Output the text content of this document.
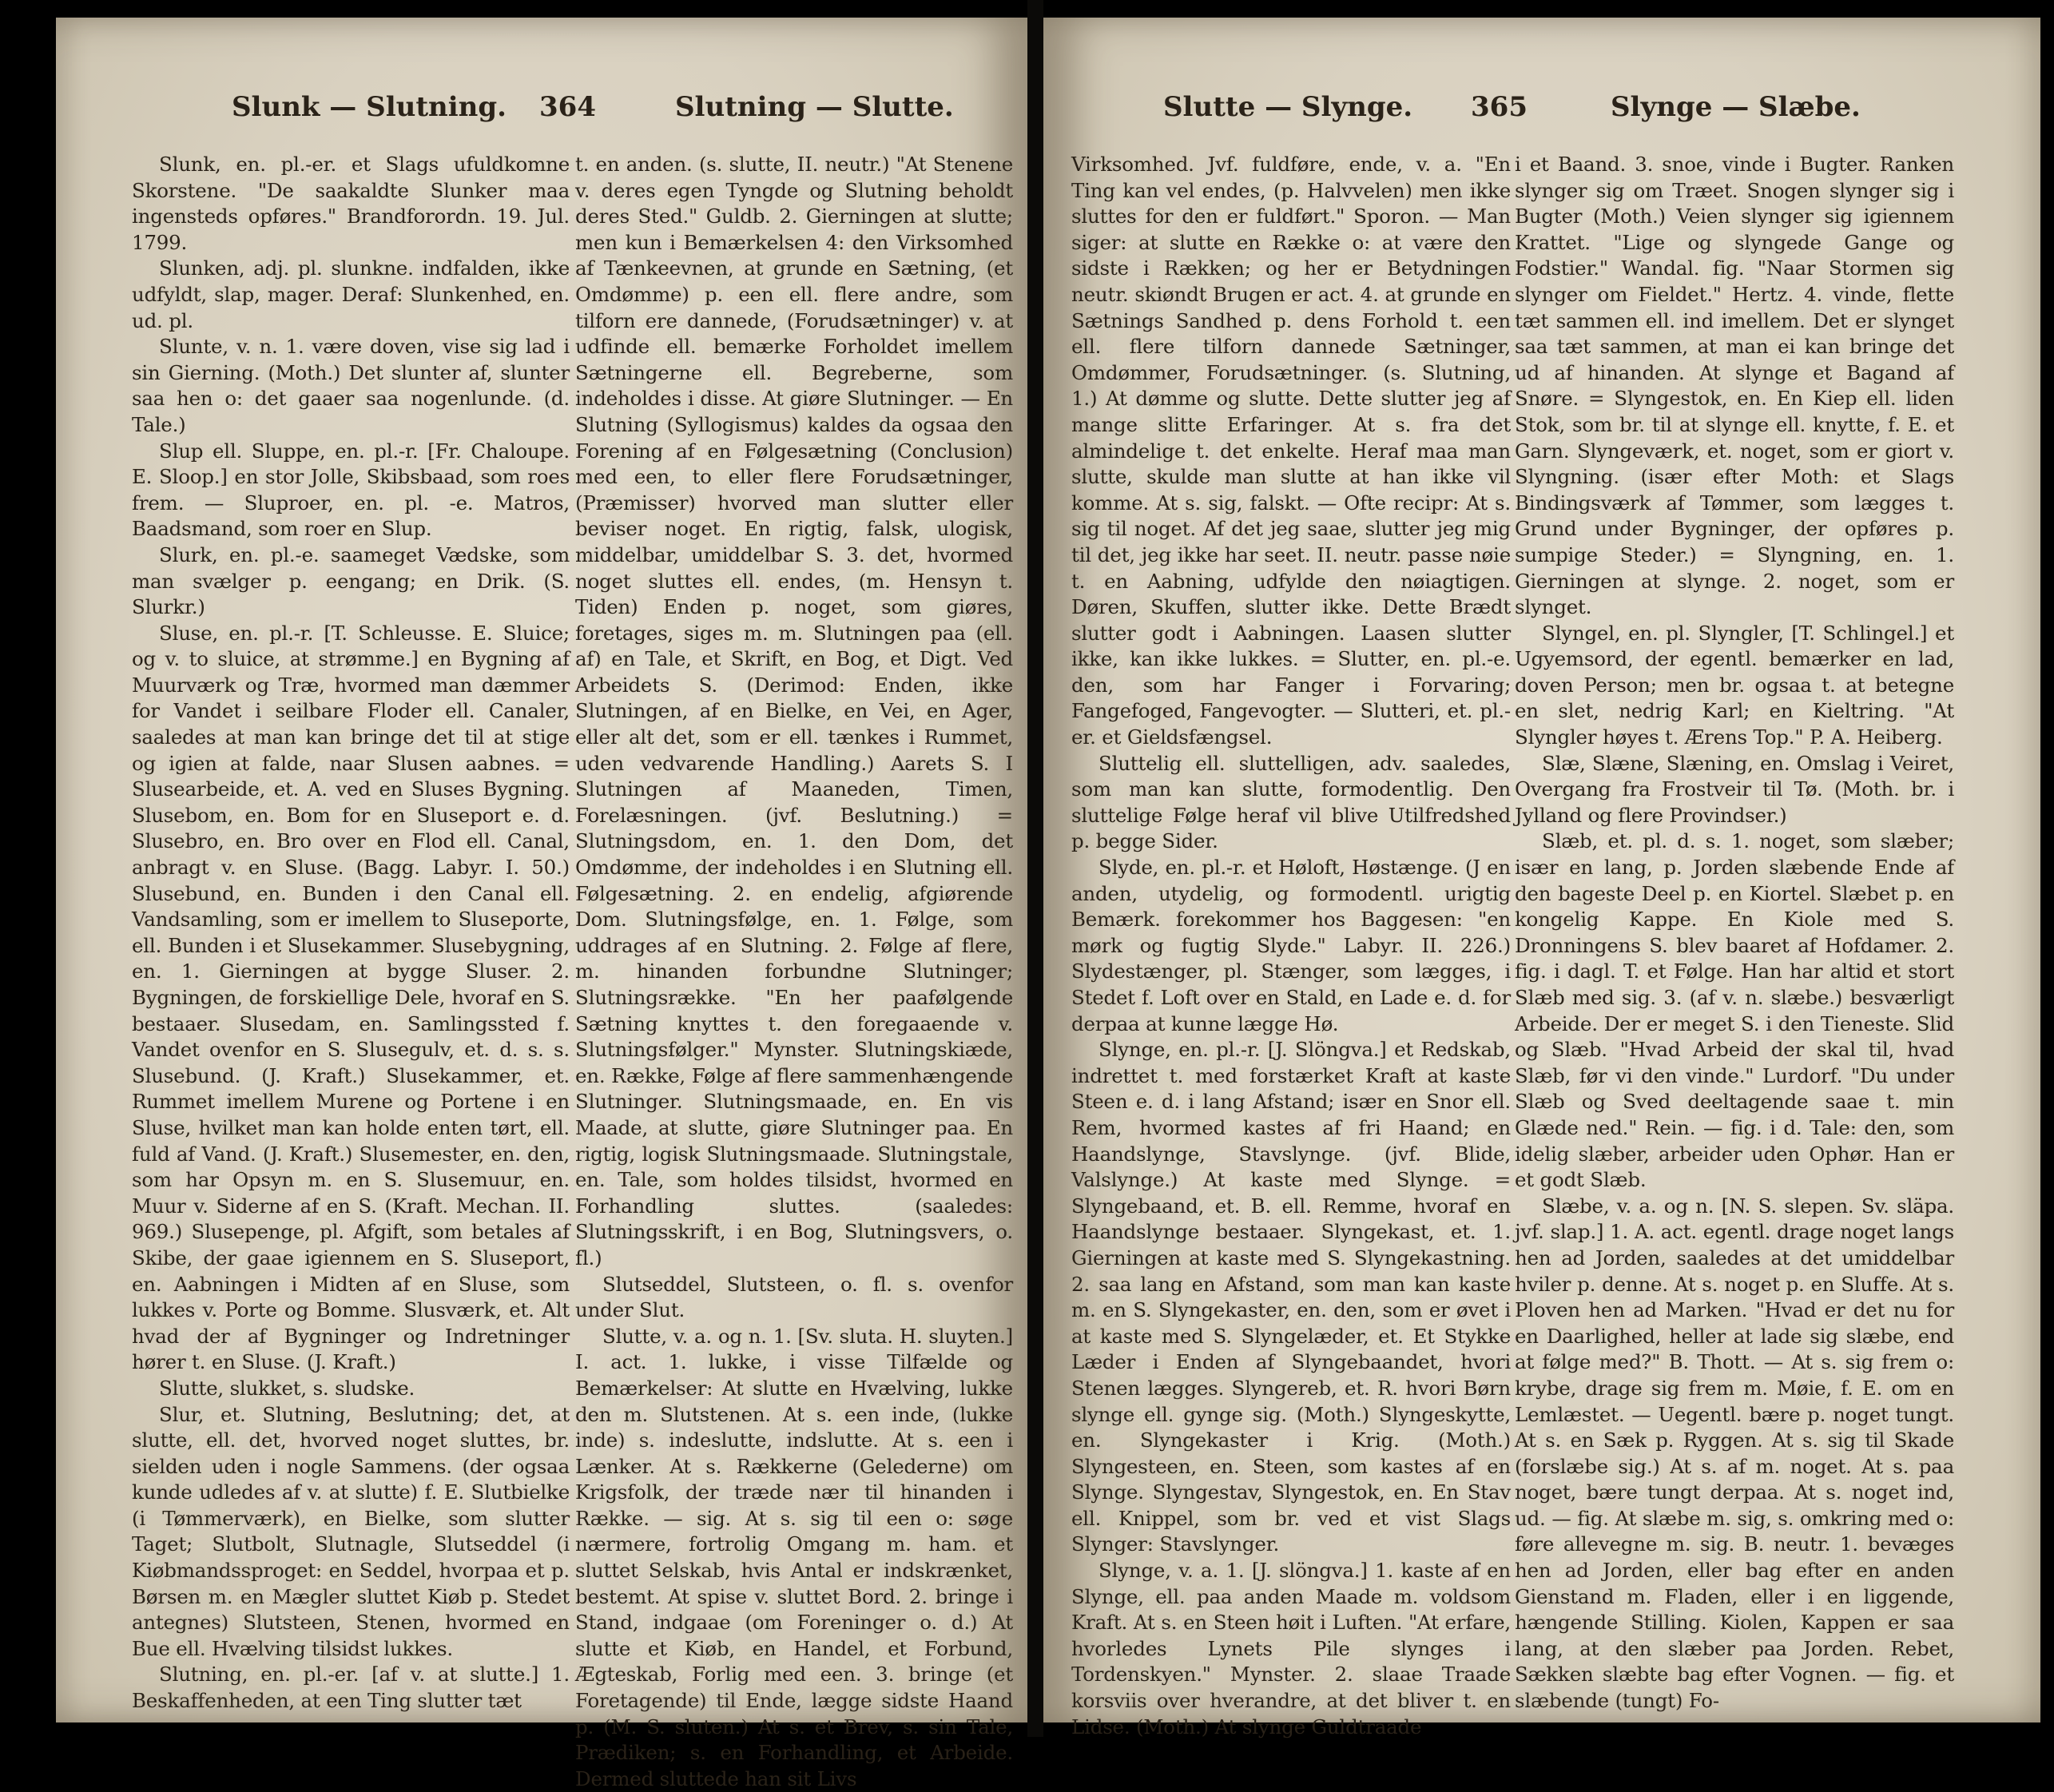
Slunk — Slutning. 364	Slutning — Slutte.

Slunk, en. pl.-er. et Slags ufuldkomne Skorstene. "De saakaldte Slunker maa ingensteds opføres." Brandforordn. 19. Jul. 1799.

Slunken, adj. pl. slunkne. indfalden, ikke udfyldt, slap, mager. Deraf: Slunkenhed, en. ud. pl.

Slunte, v. n. 1. være doven, vise sig lad i sin Gierning. (Moth.) Det slunter af, slunter saa hen o: det gaaer saa nogenlunde. (d. Tale.)

Slup ell. Sluppe, en. pl.-r. [Fr. Chaloupe. E. Sloop.] en stor Jolle, Skibsbaad, som roes frem. — Sluproer, en. pl. -e. Matros, Baadsmand, som roer en Slup.

Slurk, en. pl.-e. saameget Vædske, som man svælger p. eengang; en Drik. (S. Slurkr.)

Sluse, en. pl.-r. [T. Schleusse. E. Sluice; og v. to sluice, at strømme.] en Bygning af Muurværk og Træ, hvormed man dæmmer for Vandet i seilbare Floder ell. Canaler, saaledes at man kan bringe det til at stige og igien at falde, naar Slusen aabnes. = Slusearbeide, et. A. ved en Sluses Bygning. Slusebom, en. Bom for en Sluseport e. d. Slusebro, en. Bro over en Flod ell. Canal, anbragt v. en Sluse. (Bagg. Labyr. I. 50.) Slusebund, en. Bunden i den Canal ell. Vandsamling, som er imellem to Sluseporte, ell. Bunden i et Slusekammer. Slusebygning, en. 1. Gierningen at bygge Sluser. 2. Bygningen, de forskiellige Dele, hvoraf en S. bestaaer. Slusedam, en. Samlingssted f. Vandet ovenfor en S. Slusegulv, et. d. s. s. Slusebund. (J. Kraft.) Slusekammer, et. Rummet imellem Murene og Portene i en Sluse, hvilket man kan holde enten tørt, ell. fuld af Vand. (J. Kraft.) Slusemester, en. den, som har Opsyn m. en S. Slusemuur, en. Muur v. Siderne af en S. (Kraft. Mechan. II. 969.) Slusepenge, pl. Afgift, som betales af Skibe, der gaae igiennem en S. Sluseport, en. Aabningen i Midten af en Sluse, som lukkes v. Porte og Bomme. Slusværk, et. Alt hvad der af Bygninger og Indretninger hører t. en Sluse. (J. Kraft.)

Slutte, slukket, s. sludske.

Slur, et. Slutning, Beslutning; det, at slutte, ell. det, hvorved noget sluttes, br. sielden uden i nogle Sammens. (der ogsaa kunde udledes af v. at slutte) f. E. Slutbielke (i Tømmerværk), en Bielke, som slutter Taget; Slutbolt, Slutnagle, Slutseddel (i Kiøbmandssproget: en Seddel, hvorpaa et p. Børsen m. en Mægler sluttet Kiøb p. Stedet antegnes) Slutsteen, Stenen, hvormed en Bue ell. Hvælving tilsidst lukkes.

Slutning, en. pl.-er. [af v. at slutte.] 1. Beskaffenheden, at een Ting slutter tæt

t. en anden. (s. slutte, II. neutr.) "At Stenene v. deres egen Tyngde og Slutning beholdt deres Sted." Guldb. 2. Gierningen at slutte; men kun i Bemærkelsen 4: den Virksomhed af Tænkeevnen, at grunde en Sætning, (et Omdømme) p. een ell. flere andre, som tilforn ere dannede, (Forudsætninger) v. at udfinde ell. bemærke Forholdet imellem Sætningerne ell. Begreberne, som indeholdes i disse. At giøre Slutninger. — En Slutning (Syllogismus) kaldes da ogsaa den Forening af en Følgesætning (Conclusion) med een, to eller flere Forudsætninger, (Præmisser) hvorved man slutter eller beviser noget. En rigtig, falsk, ulogisk, middelbar, umiddelbar S. 3. det, hvormed noget sluttes ell. endes, (m. Hensyn t. Tiden) Enden p. noget, som giøres, foretages, siges m. m. Slutningen paa (ell. af) en Tale, et Skrift, en Bog, et Digt. Ved Arbeidets S. (Derimod: Enden, ikke Slutningen, af en Bielke, en Vei, en Ager, eller alt det, som er ell. tænkes i Rummet, uden vedvarende Handling.) Aarets S. I Slutningen af Maaneden, Timen, Forelæsningen. (jvf. Beslutning.) = Slutningsdom, en. 1. den Dom, det Omdømme, der indeholdes i en Slutning ell. Følgesætning. 2. en endelig, afgiørende Dom. Slutningsfølge, en. 1. Følge, som uddrages af en Slutning. 2. Følge af flere, m. hinanden forbundne Slutninger; Slutningsrække. "En her paafølgende Sætning knyttes t. den foregaaende v. Slutningsfølger." Mynster. Slutningskiæde, en. Række, Følge af flere sammenhængende Slutninger. Slutningsmaade, en. En vis Maade, at slutte, giøre Slutninger paa. En rigtig, logisk Slutningsmaade. Slutningstale, en. Tale, som holdes tilsidst, hvormed en Forhandling sluttes. (saaledes: Slutningsskrift, i en Bog, Slutningsvers, o. fl.)

Slutseddel, Slutsteen, o. fl. s. ovenfor under Slut.

Slutte, v. a. og n. 1. [Sv. sluta. H. sluyten.] I. act. 1. lukke, i visse Tilfælde og Bemærkelser: At slutte en Hvælving, lukke den m. Slutstenen. At s. een inde, (lukke inde) s. indeslutte, indslutte. At s. een i Lænker. At s. Rækkerne (Gelederne) om Krigsfolk, der træde nær til hinanden i Række. — sig. At s. sig til een o: søge nærmere, fortrolig Omgang m. ham. et sluttet Selskab, hvis Antal er indskrænket, bestemt. At spise v. sluttet Bord. 2. bringe i Stand, indgaae (om Foreninger o. d.) At slutte et Kiøb, en Handel, et Forbund, Ægteskab, Forlig med een. 3. bringe (et Foretagende) til Ende, lægge sidste Haand p. (M. S. sluten.) At s. et Brev, s. sin Tale, Prædiken; s. en Forhandling, et Arbeide. Dermed sluttede han sit Livs

Slutte — Slynge. 365	Slynge — Slæbe.

Virksomhed. Jvf. fuldføre, ende, v. a. "En Ting kan vel endes, (p. Halvvelen) men ikke sluttes for den er fuldført." Sporon. — Man siger: at slutte en Række o: at være den sidste i Rækken; og her er Betydningen neutr. skiøndt Brugen er act. 4. at grunde en Sætnings Sandhed p. dens Forhold t. een ell. flere tilforn dannede Sætninger, Omdømmer, Forudsætninger. (s. Slutning, 1.) At dømme og slutte. Dette slutter jeg af mange slitte Erfaringer. At s. fra det almindelige t. det enkelte. Heraf maa man slutte, skulde man slutte at han ikke vil komme. At s. sig, falskt. — Ofte recipr: At s. sig til noget. Af det jeg saae, slutter jeg mig til det, jeg ikke har seet. II. neutr. passe nøie t. en Aabning, udfylde den nøiagtigen. Døren, Skuffen, slutter ikke. Dette Brædt slutter godt i Aabningen. Laasen slutter ikke, kan ikke lukkes. = Slutter, en. pl.-e. den, som har Fanger i Forvaring; Fangefoged, Fangevogter. — Slutteri, et. pl.-er. et Gieldsfængsel.

Sluttelig ell. sluttelligen, adv. saaledes, som man kan slutte, formodentlig. Den sluttelige Følge heraf vil blive Utilfredshed p. begge Sider.

Slyde, en. pl.-r. et Høloft, Høstænge. (J en anden, utydelig, og formodentl. urigtig Bemærk. forekommer hos Baggesen: "en mørk og fugtig Slyde." Labyr. II. 226.) Slydestænger, pl. Stænger, som lægges, i Stedet f. Loft over en Stald, en Lade e. d. for derpaa at kunne lægge Hø.

Slynge, en. pl.-r. [J. Slöngva.] et Redskab, indrettet t. med forstærket Kraft at kaste Steen e. d. i lang Afstand; især en Snor ell. Rem, hvormed kastes af fri Haand; en Haandslynge, Stavslynge. (jvf. Blide, Valslynge.) At kaste med Slynge. = Slyngebaand, et. B. ell. Remme, hvoraf en Haandslynge bestaaer. Slyngekast, et. 1. Gierningen at kaste med S. Slyngekastning. 2. saa lang en Afstand, som man kan kaste m. en S. Slyngekaster, en. den, som er øvet i at kaste med S. Slyngelæder, et. Et Stykke Læder i Enden af Slyngebaandet, hvori Stenen lægges. Slyngereb, et. R. hvori Børn slynge ell. gynge sig. (Moth.) Slyngeskytte, en. Slyngekaster i Krig. (Moth.) Slyngesteen, en. Steen, som kastes af en Slynge. Slyngestav, Slyngestok, en. En Stav ell. Knippel, som br. ved et vist Slags Slynger: Stavslynger.

Slynge, v. a. 1. [J. slöngva.] 1. kaste af en Slynge, ell. paa anden Maade m. voldsom Kraft. At s. en Steen høit i Luften. "At erfare, hvorledes Lynets Pile slynges i Tordenskyen." Mynster. 2. slaae Traade korsviis over hverandre, at det bliver t. en Lidse. (Moth.) At slynge Guldtraade

i et Baand. 3. snoe, vinde i Bugter. Ranken slynger sig om Træet. Snogen slynger sig i Bugter (Moth.) Veien slynger sig igiennem Krattet. "Lige og slyngede Gange og Fodstier." Wandal. fig. "Naar Stormen sig slynger om Fieldet." Hertz. 4. vinde, flette tæt sammen ell. ind imellem. Det er slynget saa tæt sammen, at man ei kan bringe det ud af hinanden. At slynge et Bagand af Snøre. = Slyngestok, en. En Kiep ell. liden Stok, som br. til at slynge ell. knytte, f. E. et Garn. Slyngeværk, et. noget, som er giort v. Slyngning. (især efter Moth: et Slags Bindingsværk af Tømmer, som lægges t. Grund under Bygninger, der opføres p. sumpige Steder.) = Slyngning, en. 1. Gierningen at slynge. 2. noget, som er slynget.

Slyngel, en. pl. Slyngler, [T. Schlingel.] et Ugyemsord, der egentl. bemærker en lad, doven Person; men br. ogsaa t. at betegne en slet, nedrig Karl; en Kieltring. "At Slyngler høyes t. Ærens Top." P. A. Heiberg.

Slæ, Slæne, Slæning, en. Omslag i Veiret, Overgang fra Frostveir til Tø. (Moth. br. i Jylland og flere Provindser.)

Slæb, et. pl. d. s. 1. noget, som slæber; især en lang, p. Jorden slæbende Ende af den bageste Deel p. en Kiortel. Slæbet p. en kongelig Kappe. En Kiole med S. Dronningens S. blev baaret af Hofdamer. 2. fig. i dagl. T. et Følge. Han har altid et stort Slæb med sig. 3. (af v. n. slæbe.) besværligt Arbeide. Der er meget S. i den Tieneste. Slid og Slæb. "Hvad Arbeid der skal til, hvad Slæb, før vi den vinde." Lurdorf. "Du under Slæb og Sved deeltagende saae t. min Glæde ned." Rein. — fig. i d. Tale: den, som idelig slæber, arbeider uden Ophør. Han er et godt Slæb.

Slæbe, v. a. og n. [N. S. slepen. Sv. släpa. jvf. slap.] 1. A. act. egentl. drage noget langs hen ad Jorden, saaledes at det umiddelbar hviler p. denne. At s. noget p. en Sluffe. At s. Ploven hen ad Marken. "Hvad er det nu for en Daarlighed, heller at lade sig slæbe, end at følge med?" B. Thott. — At s. sig frem o: krybe, drage sig frem m. Møie, f. E. om en Lemlæstet. — Uegentl. bære p. noget tungt. At s. en Sæk p. Ryggen. At s. sig til Skade (forslæbe sig.) At s. af m. noget. At s. paa noget, bære tungt derpaa. At s. noget ind, ud. — fig. At slæbe m. sig, s. omkring med o: føre allevegne m. sig. B. neutr. 1. bevæges hen ad Jorden, eller bag efter en anden Gienstand m. Fladen, eller i en liggende, hængende Stilling. Kiolen, Kappen er saa lang, at den slæber paa Jorden. Rebet, Sækken slæbte bag efter Vognen. — fig. et slæbende (tungt) Fo-
